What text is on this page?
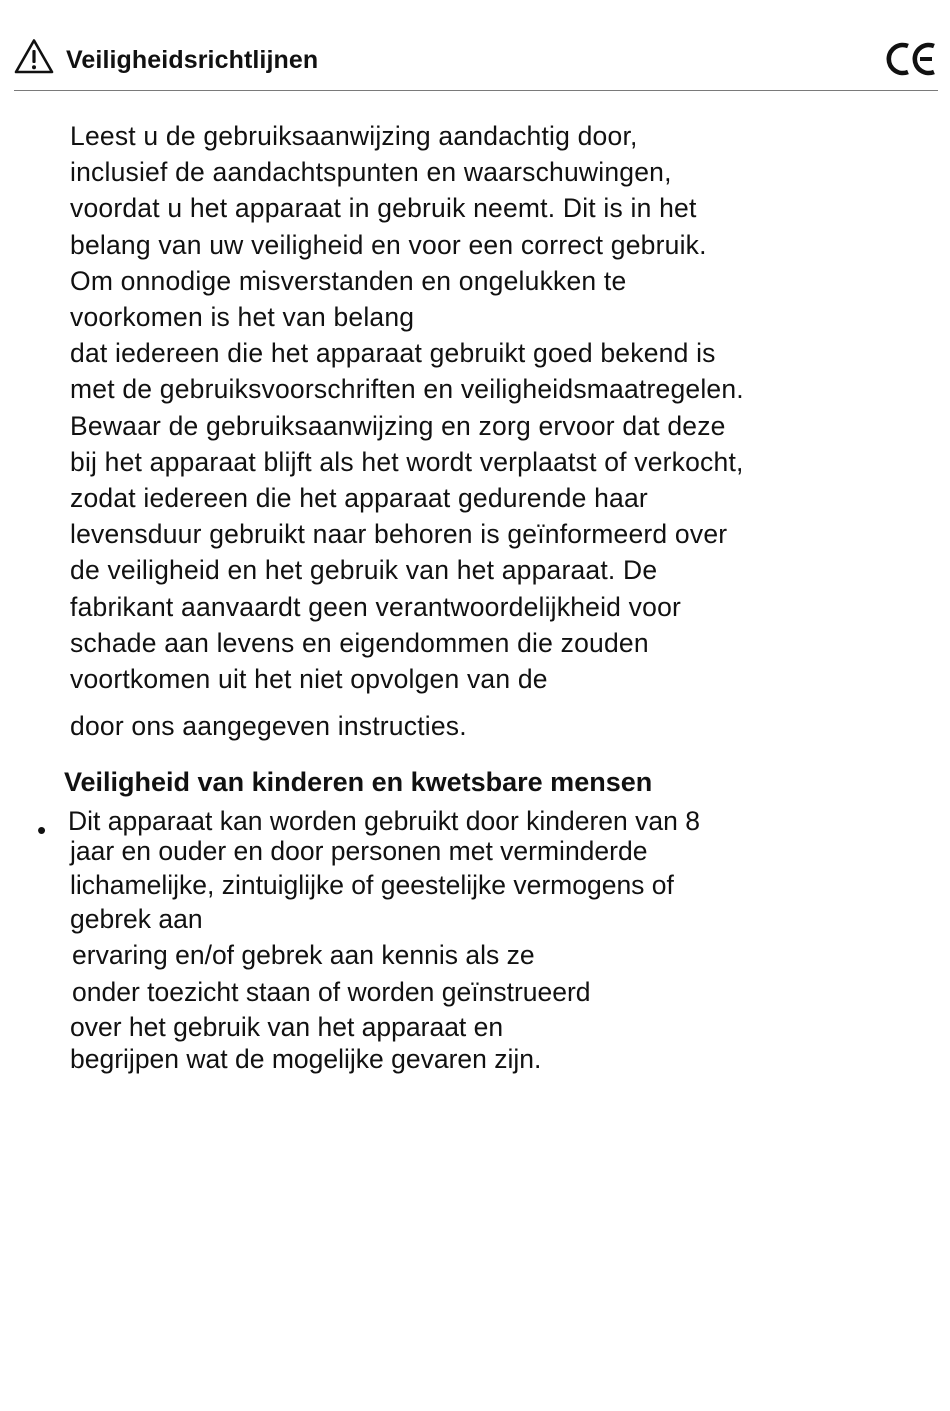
Veiligheidsrichtlijnen
Leest u de gebruiksaanwijzing aandachtig door,
inclusief de aandachtspunten en waarschuwingen,
voordat u het apparaat in gebruik neemt. Dit is in het
belang van uw veiligheid en voor een correct gebruik.
Om onnodige misverstanden en ongelukken te
voorkomen is het van belang
dat iedereen die het apparaat gebruikt goed bekend is
met de gebruiksvoorschriften en veiligheidsmaatregelen.
Bewaar de gebruiksaanwijzing en zorg ervoor dat deze
bij het apparaat blijft als het wordt verplaatst of verkocht,
zodat iedereen die het apparaat gedurende haar
levensduur gebruikt naar behoren is geïnformeerd over
de veiligheid en het gebruik van het apparaat. De
fabrikant aanvaardt geen verantwoordelijkheid voor
schade aan levens en eigendommen die zouden
voortkomen uit het niet opvolgen van de
door ons aangegeven instructies.
Veiligheid van kinderen en kwetsbare mensen
• Dit apparaat kan worden gebruikt door kinderen van 8
jaar en ouder en door personen met verminderde
lichamelijke, zintuiglijke of geestelijke vermogens of
gebrek aan
ervaring en/of gebrek aan kennis als ze
onder toezicht staan of worden geïnstrueerd
over het gebruik van het apparaat en
begrijpen wat de mogelijke gevaren zijn.
